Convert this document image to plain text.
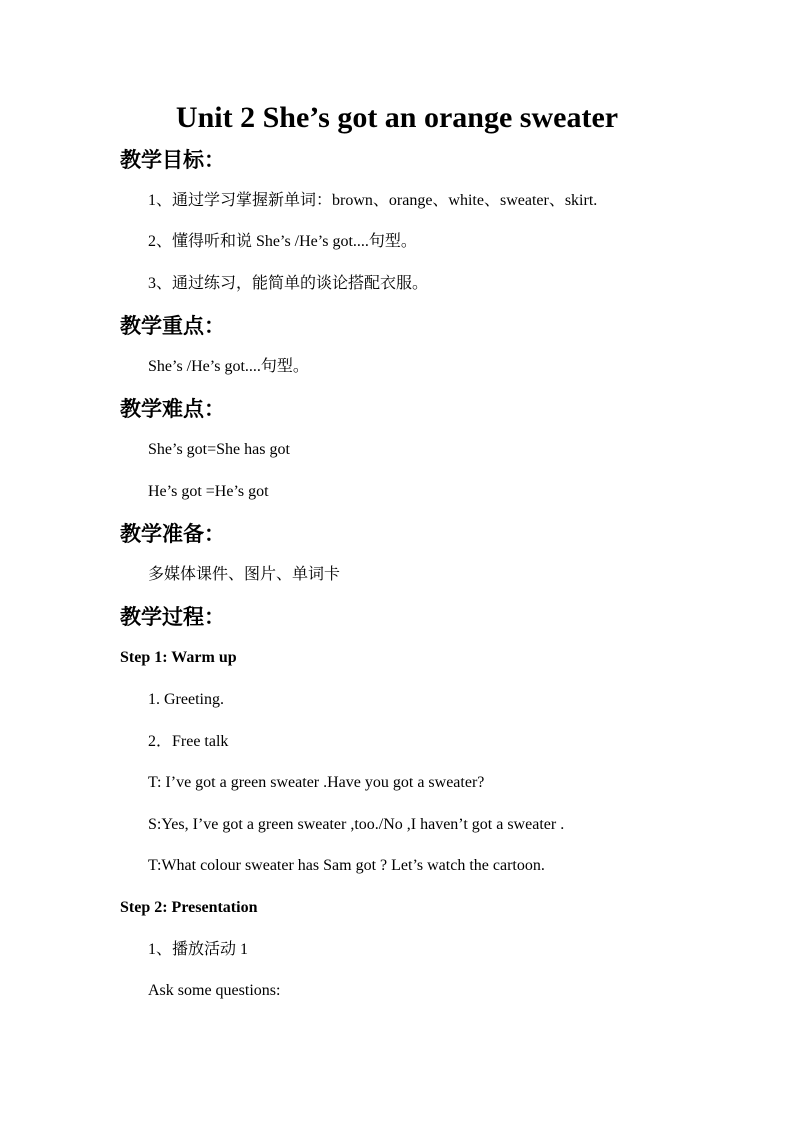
Unit 2 She’s got an orange sweater
教学目标：
1、通过学习掌握新单词：brown、orange、white、sweater、skirt.
2、懂得听和说 She’s /He’s got....句型。
3、通过练习，能简单的谈论搭配衣服。
教学重点：
She’s /He’s got....句型。
教学难点：
She’s got=She has got
He’s got =He’s got
教学准备：
多媒体课件、图片、单词卡
教学过程：
Step 1: Warm up
1. Greeting.
2．Free talk
T: I’ve got a green sweater .Have you got a sweater?
S:Yes, I’ve got a green sweater ,too./No ,I haven’t got a sweater .
T:What colour sweater has Sam got ? Let’s watch the cartoon.
Step 2: Presentation
1、播放活动 1
Ask some questions:
